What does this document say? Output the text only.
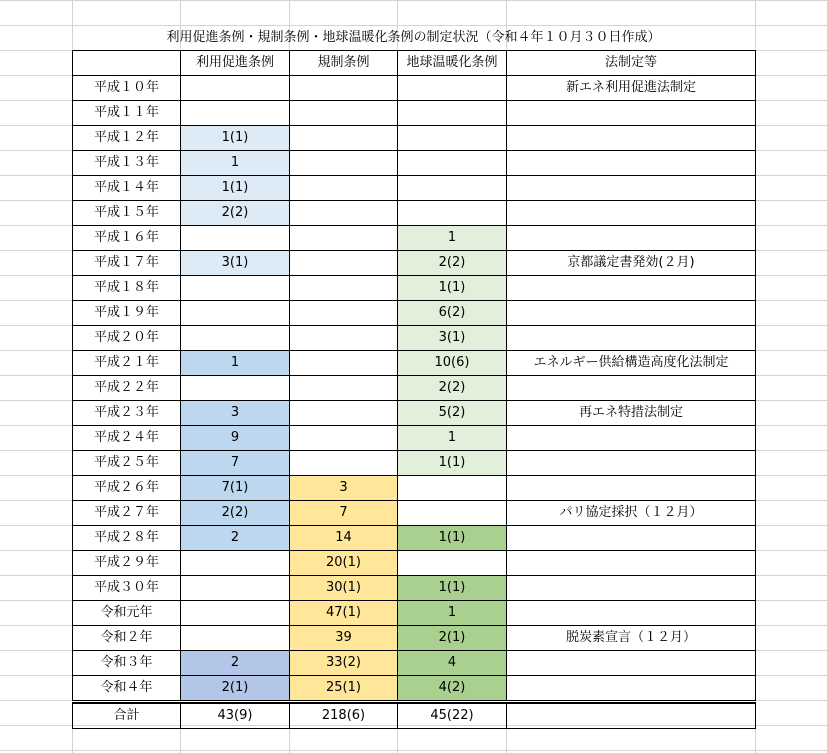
利用促進条例・規制条例・地球温暖化条例の制定状況（令和４年１０月３０日作成）
	利用促進条例	規制条例	地球温暖化条例	法制定等
平成１０年				新エネ利用促進法制定
平成１１年				
平成１２年	1(1)			
平成１３年	1			
平成１４年	1(1)			
平成１５年	2(2)			
平成１６年			1	
平成１７年	3(1)		2(2)	京都議定書発効(２月)
平成１８年			1(1)	
平成１９年			6(2)	
平成２０年			3(1)	
平成２１年	1		10(6)	エネルギー供給構造高度化法制定
平成２２年			2(2)	
平成２３年	3		5(2)	再エネ特措法制定
平成２４年	9		1	
平成２５年	7		1(1)	
平成２６年	7(1)	3		
平成２７年	2(2)	7		パリ協定採択（１２月）
平成２８年	2	14	1(1)	
平成２９年		20(1)		
平成３０年		30(1)	1(1)	
令和元年		47(1)	1	
令和２年		39	2(1)	脱炭素宣言（１２月）
令和３年	2	33(2)	4	
令和４年	2(1)	25(1)	4(2)	

合計	43(9)	218(6)	45(22)	
